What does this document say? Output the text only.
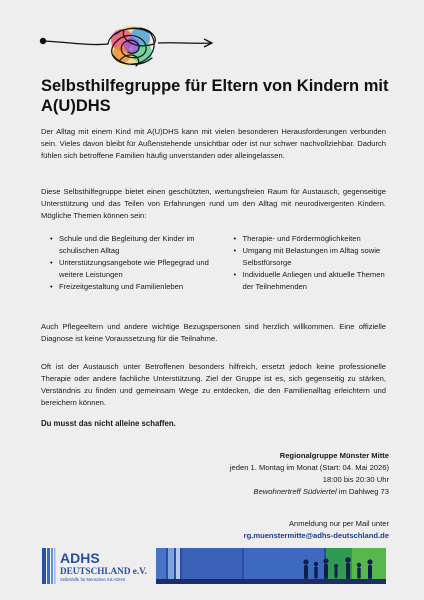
Selbsthilfegruppe für Eltern von Kindern mit A(U)DHS

Der Alltag mit einem Kind mit A(U)DHS kann mit vielen besonderen Herausforderungen verbunden sein. Vieles davon bleibt für Außenstehende unsichtbar oder ist nur schwer nachvollziehbar. Dadurch fühlen sich betroffene Familien häufig unverstanden oder alleingelassen.

Diese Selbsthilfegruppe bietet einen geschützten, wertungsfreien Raum für Austausch, gegenseitige Unterstützung und das Teilen von Erfahrungen rund um den Alltag mit neurodivergenten Kindern. Mögliche Themen können sein:

• Schule und die Begleitung der Kinder im schulischen Alltag
• Unterstützungsangebote wie Pflegegrad und weitere Leistungen
• Freizeitgestaltung und Familienleben
• Therapie- und Fördermöglichkeiten
• Umgang mit Belastungen im Alltag sowie Selbstfürsorge
• Individuelle Anliegen und aktuelle Themen der Teilnehmenden

Auch Pflegeeltern und andere wichtige Bezugspersonen sind herzlich willkommen. Eine offizielle Diagnose ist keine Voraussetzung für die Teilnahme.

Oft ist der Austausch unter Betroffenen besonders hilfreich, ersetzt jedoch keine professionelle Therapie oder andere fachliche Unterstützung. Ziel der Gruppe ist es, sich gegenseitig zu stärken, Verständnis zu finden und gemeinsam Wege zu entdecken, die den Familienalltag erleichtern und bereichern können.

Du musst das nicht alleine schaffen.
Regionalgruppe Münster Mitte
jeden 1. Montag im Monat (Start: 04. Mai 2026)
18:00 bis 20:30 Uhr
Bewohnertreff Südviertel im Dahlweg 73
Anmeldung nur per Mail unter
rg.muenstermitte@adhs-deutschland.de
ADHS
DEUTSCHLAND e.V.
Selbsthilfe für Menschen mit ADHS
